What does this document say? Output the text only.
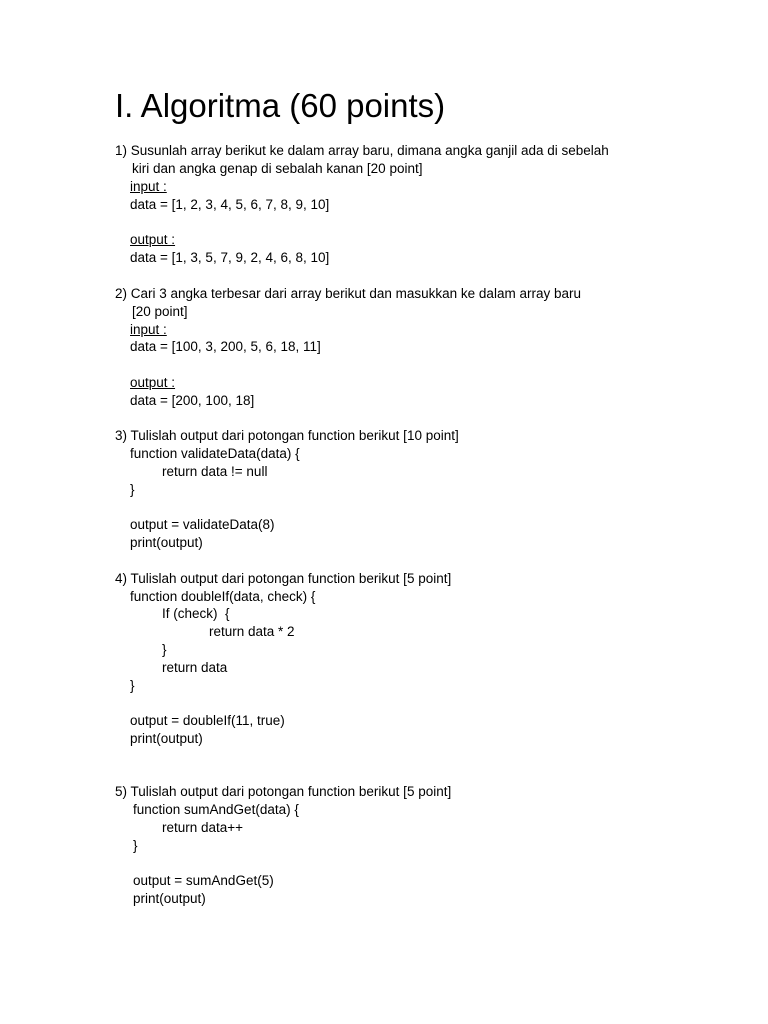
I. Algoritma (60 points)
1) Susunlah array berikut ke dalam array baru, dimana angka ganjil ada di sebelah
kiri dan angka genap di sebalah kanan [20 point]
input :
data = [1, 2, 3, 4, 5, 6, 7, 8, 9, 10]
output :
data = [1, 3, 5, 7, 9, 2, 4, 6, 8, 10]
2) Cari 3 angka terbesar dari array berikut dan masukkan ke dalam array baru
[20 point]
input :
data = [100, 3, 200, 5, 6, 18, 11]
output :
data = [200, 100, 18]
3) Tulislah output dari potongan function berikut [10 point]
function validateData(data) {
return data != null
}
output = validateData(8)
print(output)
4) Tulislah output dari potongan function berikut [5 point]
function doubleIf(data, check) {
If (check)  {
return data * 2
}
return data
}
output = doubleIf(11, true)
print(output)
5) Tulislah output dari potongan function berikut [5 point]
function sumAndGet(data) {
return data++
}
output = sumAndGet(5)
print(output)
